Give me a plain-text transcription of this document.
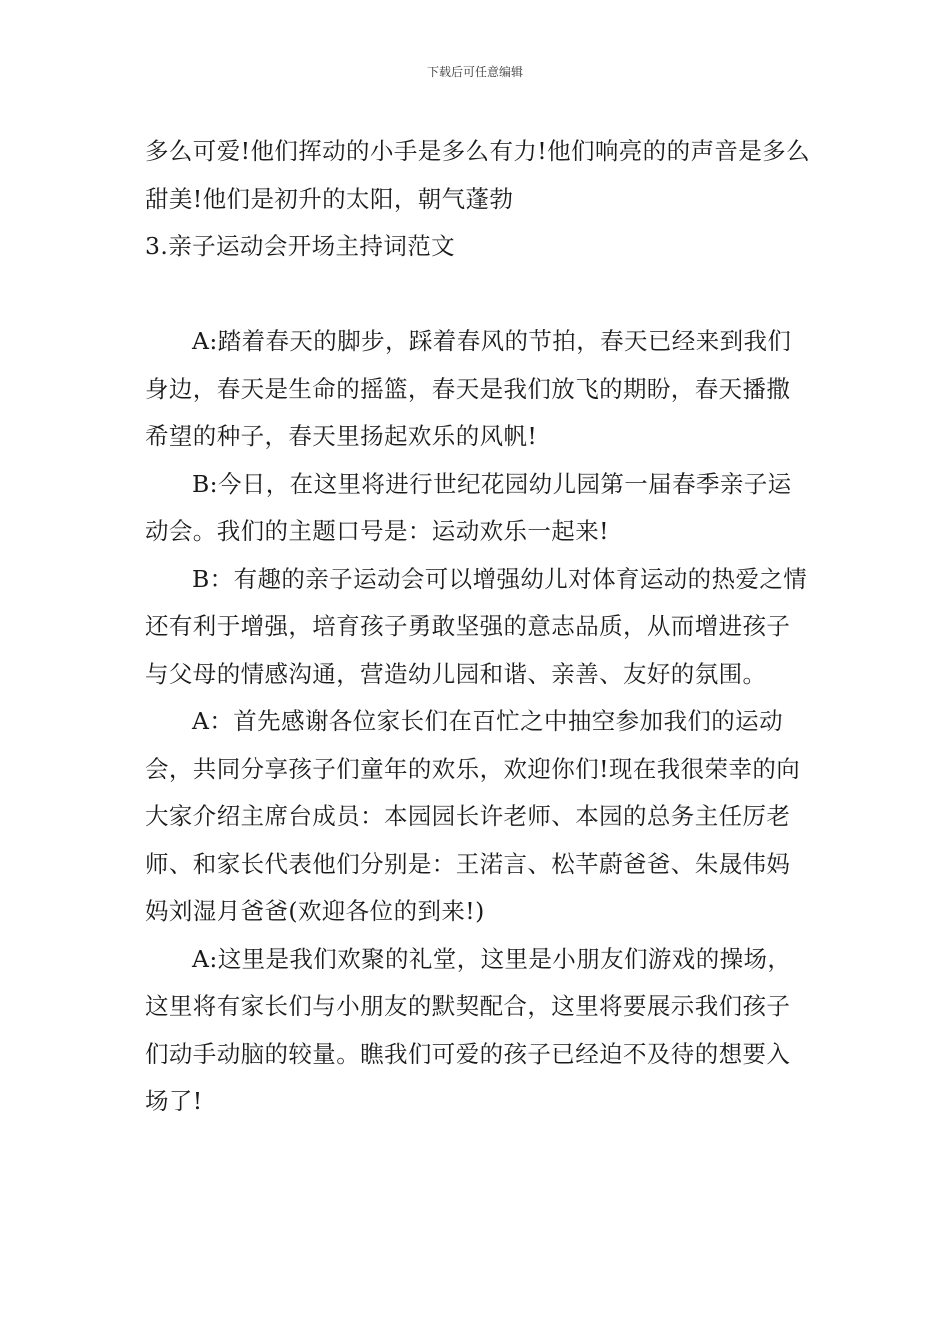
下载后可任意编辑

多么可爱!他们挥动的小手是多么有力!他们响亮的的声音是多么甜美!他们是初升的太阳，朝气蓬勃

3.亲子运动会开场主持词范文

A:踏着春天的脚步，踩着春风的节拍，春天已经来到我们身边，春天是生命的摇篮，春天是我们放飞的期盼，春天播撒希望的种子，春天里扬起欢乐的风帆!

B:今日，在这里将进行世纪花园幼儿园第一届春季亲子运动会。我们的主题口号是：运动欢乐一起来!

B：有趣的亲子运动会可以增强幼儿对体育运动的热爱之情还有利于增强，培育孩子勇敢坚强的意志品质，从而增进孩子与父母的情感沟通，营造幼儿园和谐、亲善、友好的氛围。

A：首先感谢各位家长们在百忙之中抽空参加我们的运动会，共同分享孩子们童年的欢乐，欢迎你们!现在我很荣幸的向大家介绍主席台成员：本园园长许老师、本园的总务主任厉老师、和家长代表他们分别是：王渃言、松芊蔚爸爸、朱晟伟妈妈刘湿月爸爸(欢迎各位的到来!)

A:这里是我们欢聚的礼堂，这里是小朋友们游戏的操场，这里将有家长们与小朋友的默契配合，这里将要展示我们孩子们动手动脑的较量。瞧我们可爱的孩子已经迫不及待的想要入场了!
